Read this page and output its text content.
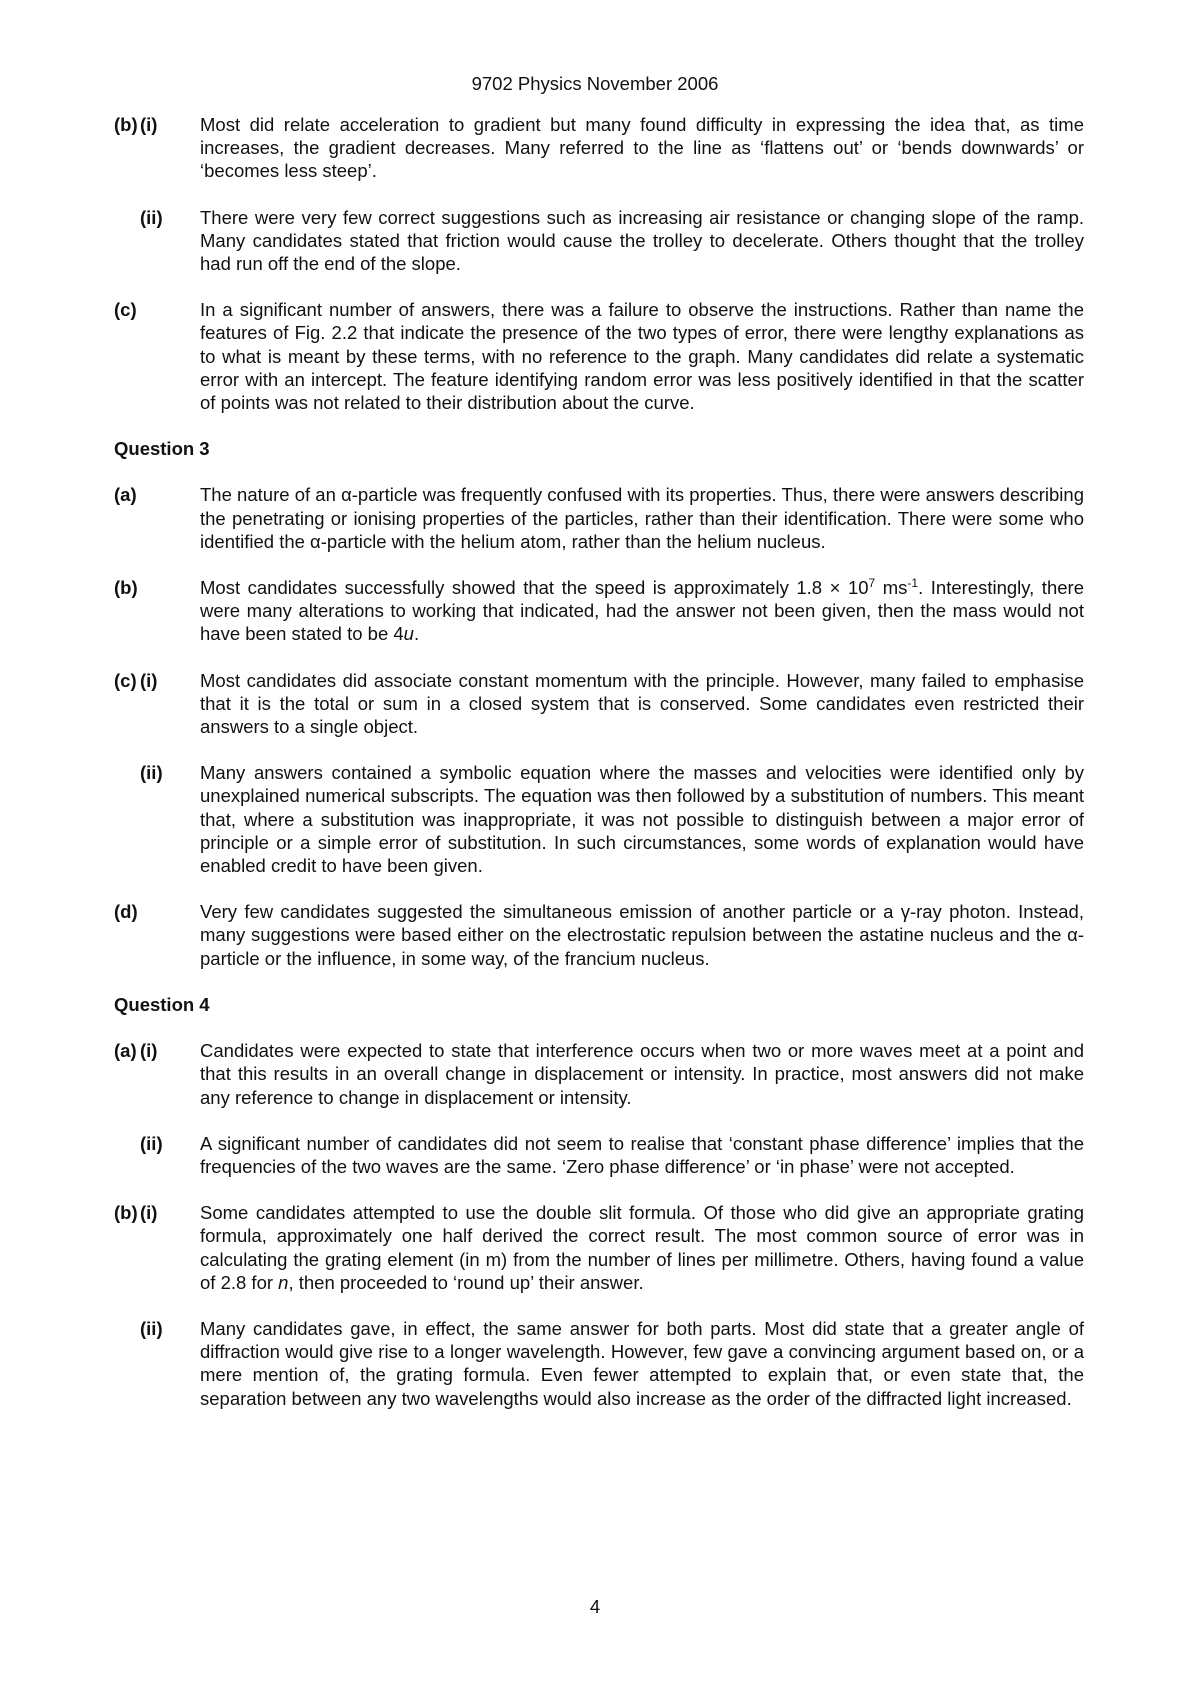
9702 Physics November 2006
(b) (i) Most did relate acceleration to gradient but many found difficulty in expressing the idea that, as time increases, the gradient decreases. Many referred to the line as ‘flattens out’ or ‘bends downwards’ or ‘becomes less steep’.
(ii) There were very few correct suggestions such as increasing air resistance or changing slope of the ramp. Many candidates stated that friction would cause the trolley to decelerate. Others thought that the trolley had run off the end of the slope.
(c)	In a significant number of answers, there was a failure to observe the instructions. Rather than name the features of Fig. 2.2 that indicate the presence of the two types of error, there were lengthy explanations as to what is meant by these terms, with no reference to the graph. Many candidates did relate a systematic error with an intercept. The feature identifying random error was less positively identified in that the scatter of points was not related to their distribution about the curve.
Question 3
(a)	The nature of an α-particle was frequently confused with its properties. Thus, there were answers describing the penetrating or ionising properties of the particles, rather than their identification. There were some who identified the α-particle with the helium atom, rather than the helium nucleus.
(b)	Most candidates successfully showed that the speed is approximately $1.8 \times 10^7$ $ms^{-1}$. Interestingly, there were many alterations to working that indicated, had the answer not been given, then the mass would not have been stated to be 4u.
(c) (i) Most candidates did associate constant momentum with the principle. However, many failed to emphasise that it is the total or sum in a closed system that is conserved. Some candidates even restricted their answers to a single object.
(ii) Many answers contained a symbolic equation where the masses and velocities were identified only by unexplained numerical subscripts. The equation was then followed by a substitution of numbers. This meant that, where a substitution was inappropriate, it was not possible to distinguish between a major error of principle or a simple error of substitution. In such circumstances, some words of explanation would have enabled credit to have been given.
(d)	Very few candidates suggested the simultaneous emission of another particle or a γ-ray photon. Instead, many suggestions were based either on the electrostatic repulsion between the astatine nucleus and the α-particle or the influence, in some way, of the francium nucleus.
Question 4
(a) (i) Candidates were expected to state that interference occurs when two or more waves meet at a point and that this results in an overall change in displacement or intensity. In practice, most answers did not make any reference to change in displacement or intensity.
(ii) A significant number of candidates did not seem to realise that ‘constant phase difference’ implies that the frequencies of the two waves are the same. ‘Zero phase difference’ or ‘in phase’ were not accepted.
(b) (i) Some candidates attempted to use the double slit formula. Of those who did give an appropriate grating formula, approximately one half derived the correct result. The most common source of error was in calculating the grating element (in m) from the number of lines per millimetre. Others, having found a value of 2.8 for n, then proceeded to ‘round up’ their answer.
(ii) Many candidates gave, in effect, the same answer for both parts. Most did state that a greater angle of diffraction would give rise to a longer wavelength. However, few gave a convincing argument based on, or a mere mention of, the grating formula. Even fewer attempted to explain that, or even state that, the separation between any two wavelengths would also increase as the order of the diffracted light increased.
4
